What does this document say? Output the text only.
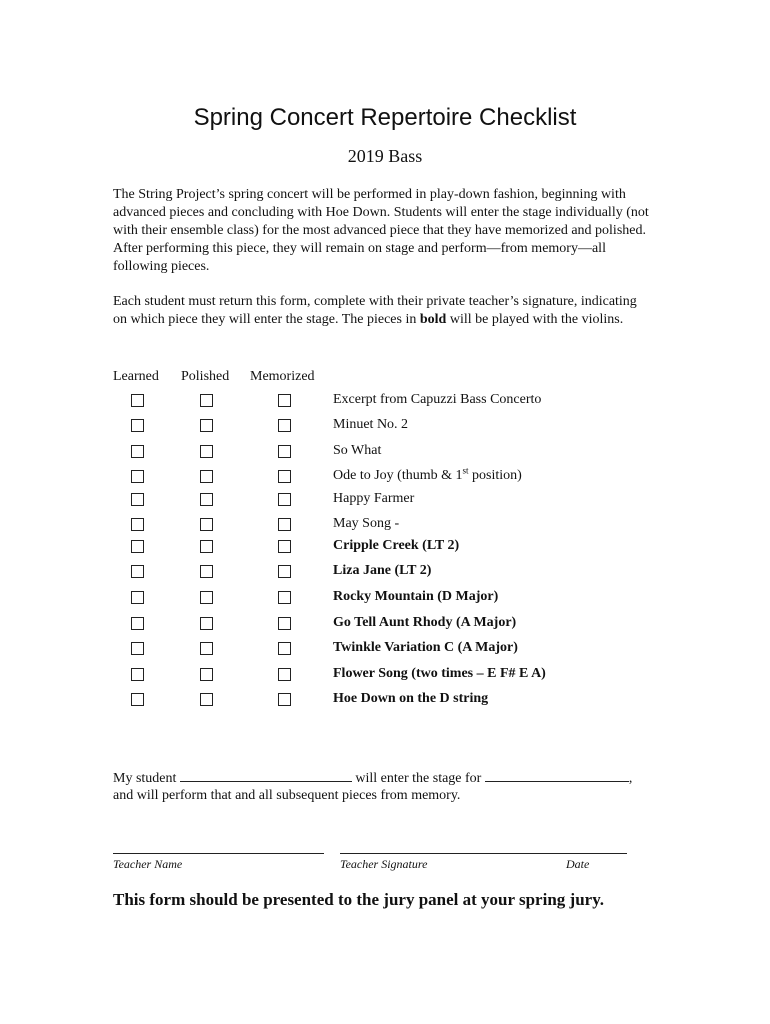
Spring Concert Repertoire Checklist
2019 Bass

The String Project’s spring concert will be performed in play-down fashion, beginning with advanced pieces and concluding with Hoe Down. Students will enter the stage individually (not with their ensemble class) for the most advanced piece that they have memorized and polished. After performing this piece, they will remain on stage and perform—from memory—all following pieces.

Each student must return this form, complete with their private teacher’s signature, indicating on which piece they will enter the stage. The pieces in bold will be played with the violins.

Learned Polished Memorized
Excerpt from Capuzzi Bass Concerto
Minuet No. 2
So What
Ode to Joy (thumb & 1st position)
Happy Farmer
May Song -
Cripple Creek (LT 2)
Liza Jane (LT 2)
Rocky Mountain (D Major)
Go Tell Aunt Rhody (A Major)
Twinkle Variation C (A Major)
Flower Song (two times – E F# E A)
Hoe Down on the D string
My student	will enter the stage for	,
and will perform that and all subsequent pieces from memory.
Teacher Name	Teacher Signature	Date
This form should be presented to the jury panel at your spring jury.
